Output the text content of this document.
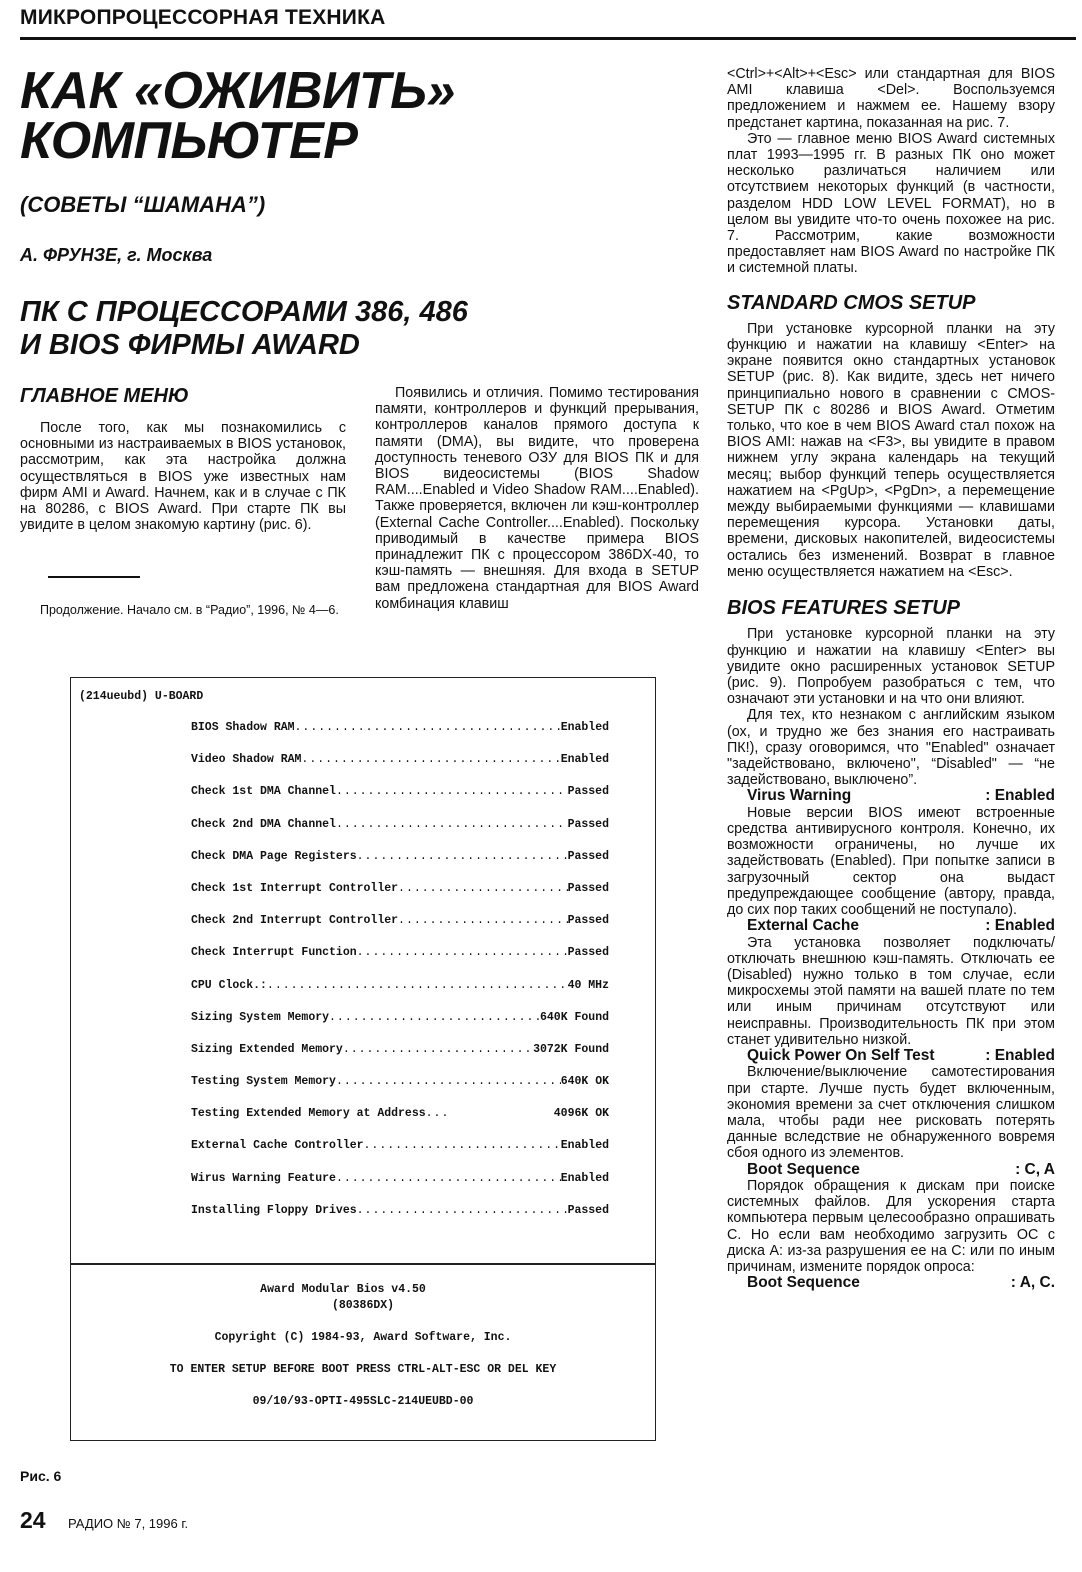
МИКРОПРОЦЕССОРНАЯ ТЕХНИКА
КАК «ОЖИВИТЬ»
КОМПЬЮТЕР
(СОВЕТЫ “ШАМАНА”)
А. ФРУНЗЕ, г. Москва
ПК С ПРОЦЕССОРАМИ 386, 486
И BIOS ФИРМЫ AWARD
ГЛАВНОЕ МЕНЮ

После того, как мы познакомились с основными из настраиваемых в BIOS установок, рассмотрим, как эта настройка должна осуществляться в BIOS уже известных нам фирм AMI и Award. Начнем, как и в случае с ПК на 80286, с BIOS Award. При старте ПК вы увидите в целом знакомую картину (рис. 6).

Продолжение. Начало см. в “Радио”, 1996, № 4—6.

Появились и отличия. Помимо тестирования памяти, контроллеров и функций прерывания, контроллеров каналов прямого доступа к памяти (DMA), вы видите, что проверена доступность теневого ОЗУ для BIOS ПК и для BIOS видеосистемы (BIOS Shadow RAM....Enabled и Video Shadow RAM....Enabled). Также проверяется, включен ли кэш-контроллер (External Cache Controller....Enabled). Поскольку приводимый в качестве примера BIOS принадлежит ПК с процессором 386DX-40, то кэш-память — внешняя. Для входа в SETUP вам предложена стандартная для BIOS Award комбинация клавиш

<Ctrl>+<Alt>+<Esc> или стандартная для BIOS AMI клавиша <Del>. Воспользуемся предложением и нажмем ее. Нашему взору предстанет картина, показанная на рис. 7.

Это — главное меню BIOS Award системных плат 1993—1995 гг. В разных ПК оно может несколько различаться наличием или отсутствием некоторых функций (в частности, разделом HDD LOW LEVEL FORMAT), но в целом вы увидите что-то очень похожее на рис. 7. Рассмотрим, какие возможности предоставляет нам BIOS Award по настройке ПК и системной платы.

STANDARD CMOS SETUP

При установке курсорной планки на эту функцию и нажатии на клавишу <Enter> на экране появится окно стандартных установок SETUP (рис. 8). Как видите, здесь нет ничего принципиально нового в сравнении с CMOS-SETUP ПК с 80286 и BIOS Award. Отметим только, что кое в чем BIOS Award стал похож на BIOS AMI: нажав на <F3>, вы увидите в правом нижнем углу экрана календарь на текущий месяц; выбор функций теперь осуществляется нажатием на <PgUp>, <PgDn>, а перемещение между выбираемыми функциями — клавишами перемещения курсора. Установки даты, времени, дисковых накопителей, видеосистемы остались без изменений. Возврат в главное меню осуществляется нажатием на <Esc>.

BIOS FEATURES SETUP

При установке курсорной планки на эту функцию и нажатии на клавишу <Enter> вы увидите окно расширенных установок SETUP (рис. 9). Попробуем разобраться с тем, что означают эти установки и на что они влияют.

Для тех, кто незнаком с английским языком (ох, и трудно же без знания его настраивать ПК!), сразу оговоримся, что "Enabled" означает "задействовано, включено", “Disabled" — “не задействовано, выключено”.

Virus Warning	: Enabled

Новые версии BIOS имеют встроенные средства антивирусного контроля. Конечно, их возможности ограничены, но лучше их задействовать (Enabled). При попытке записи в загрузочный сектор она выдаст предупреждающее сообщение (автору, правда, до сих пор таких сообщений не поступало).

External Cache	: Enabled

Эта установка позволяет подключать/отключать внешнюю кэш-память. Отключать ее (Disabled) нужно только в том случае, если микросхемы этой памяти на вашей плате по тем или иным причинам отсутствуют или неисправны. Производительность ПК при этом станет удивительно низкой.

Quick Power On Self Test	: Enabled

Включение/выключение самотестирования при старте. Лучше пусть будет включенным, экономия времени за счет отключения слишком мала, чтобы ради нее рисковать потерять данные вследствие не обнаруженного вовремя сбоя одного из элементов.

Boot Sequence	: C, A

Порядок обращения к дискам при поиске системных файлов. Для ускорения старта компьютера первым целесообразно опрашивать C. Но если вам необходимо загрузить ОС с диска A: из-за разрушения ее на C: или по иным причинам, измените порядок опроса:

Boot Sequence	: A, C.
(214ueubd) U-BOARD
BIOS Shadow RAM .....	Enabled
Video Shadow RAM .....	Enabled
Check 1st DMA Channel .....	Passed
Check 2nd DMA Channel .....	Passed
Check DMA Page Registers .....	Passed
Check 1st Interrupt Controller .....	Passed
Check 2nd Interrupt Controller .....	Passed
Check Interrupt Function .....	Passed
CPU Clock.: .....	40 MHz
Sizing System Memory .....	640K Found
Sizing Extended Memory .....	3072K Found
Testing System Memory .....	640K OK
Testing Extended Memory at Address .....	4096K OK
External Cache Controller .....	Enabled
Wirus Warning Feature .....	Enabled
Installing Floppy Drives .....	Passed
Award Modular Bios v4.50
(80386DX)
Copyright (C) 1984-93, Award Software, Inc.
TO ENTER SETUP BEFORE BOOT PRESS CTRL-ALT-ESC OR DEL KEY
09/10/93-OPTI-495SLC-214UEUBD-00
Рис. 6
24 РАДИО № 7, 1996 г.
